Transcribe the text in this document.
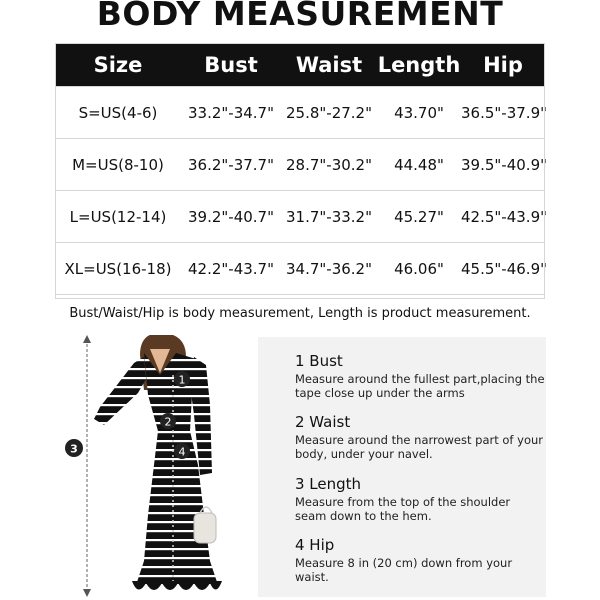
BODY MEASUREMENT
Size	Bust	Waist	Length	Hip
S=US(4-6)	33.2"-34.7"	25.8"-27.2"	43.70"	36.5"-37.9"
M=US(8-10)	36.2"-37.7"	28.7"-30.2"	44.48"	39.5"-40.9"
L=US(12-14)	39.2"-40.7"	31.7"-33.2"	45.27"	42.5"-43.9"
XL=US(16-18)	42.2"-43.7"	34.7"-36.2"	46.06"	45.5"-46.9"
Bust/Waist/Hip is body measurement, Length is product measurement.
1
2
4
3
1 Bust
Measure around the fullest part,placing the tape close up under the arms
2 Waist
Measure around the narrowest part of your body, under your navel.
3 Length
Measure from the top of the shoulder seam down to the hem.
4 Hip
Measure 8 in (20 cm) down from your waist.
